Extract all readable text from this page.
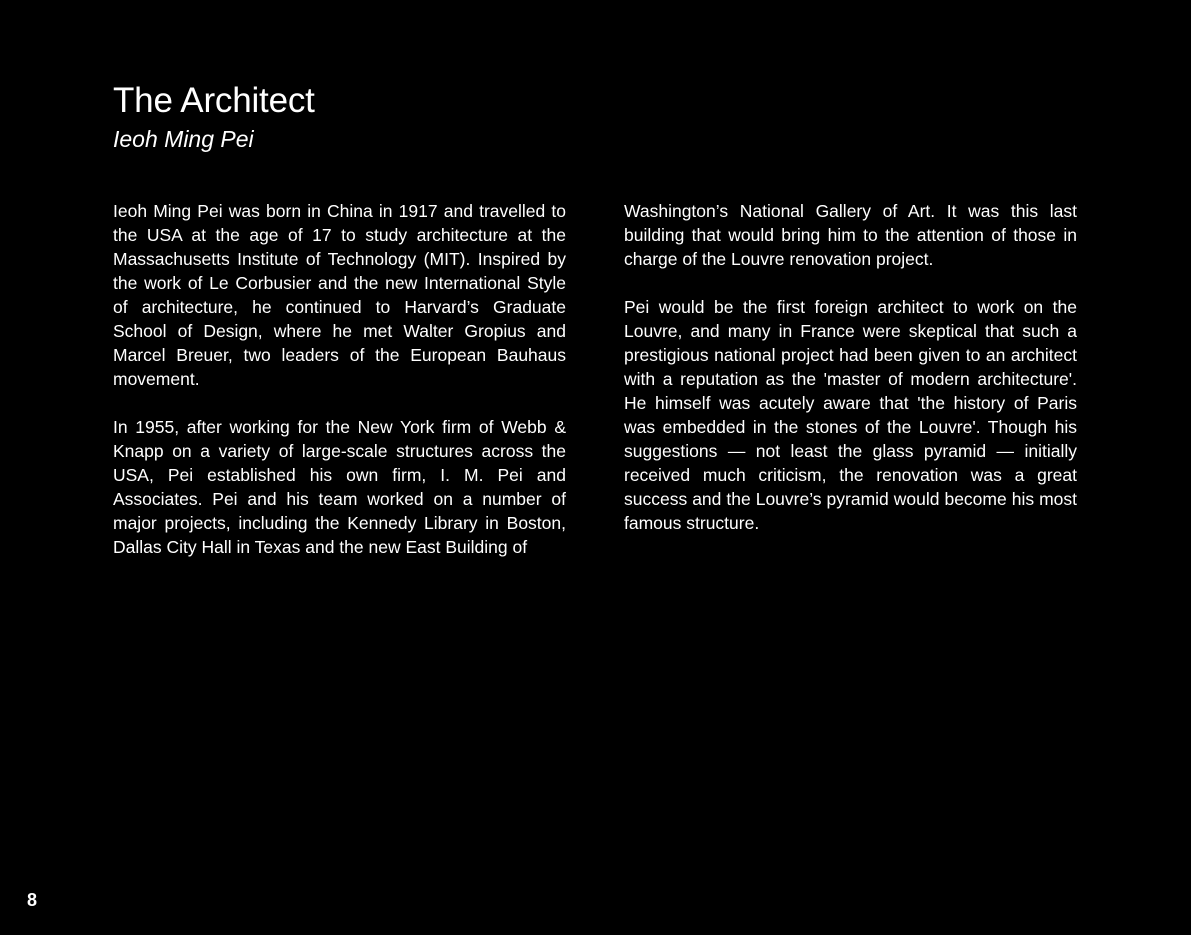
The Architect
Ieoh Ming Pei

Ieoh Ming Pei was born in China in 1917 and travelled to the USA at the age of 17 to study architecture at the Massachusetts Institute of Technology (MIT). Inspired by the work of Le Corbusier and the new International Style of architecture, he continued to Harvard’s Graduate School of Design, where he met Walter Gropius and Marcel Breuer, two leaders of the European Bauhaus movement.

In 1955, after working for the New York firm of Webb & Knapp on a variety of large-scale structures across the USA, Pei established his own firm, I. M. Pei and Associates. Pei and his team worked on a number of major projects, including the Kennedy Library in Boston, Dallas City Hall in Texas and the new East Building of

Washington’s National Gallery of Art. It was this last building that would bring him to the attention of those in charge of the Louvre renovation project.

Pei would be the first foreign architect to work on the Louvre, and many in France were skeptical that such a prestigious national project had been given to an architect with a reputation as the 'master of modern architecture'. He himself was acutely aware that 'the history of Paris was embedded in the stones of the Louvre'. Though his suggestions — not least the glass pyramid — initially received much criticism, the renovation was a great success and the Louvre’s pyramid would become his most famous structure.

8
